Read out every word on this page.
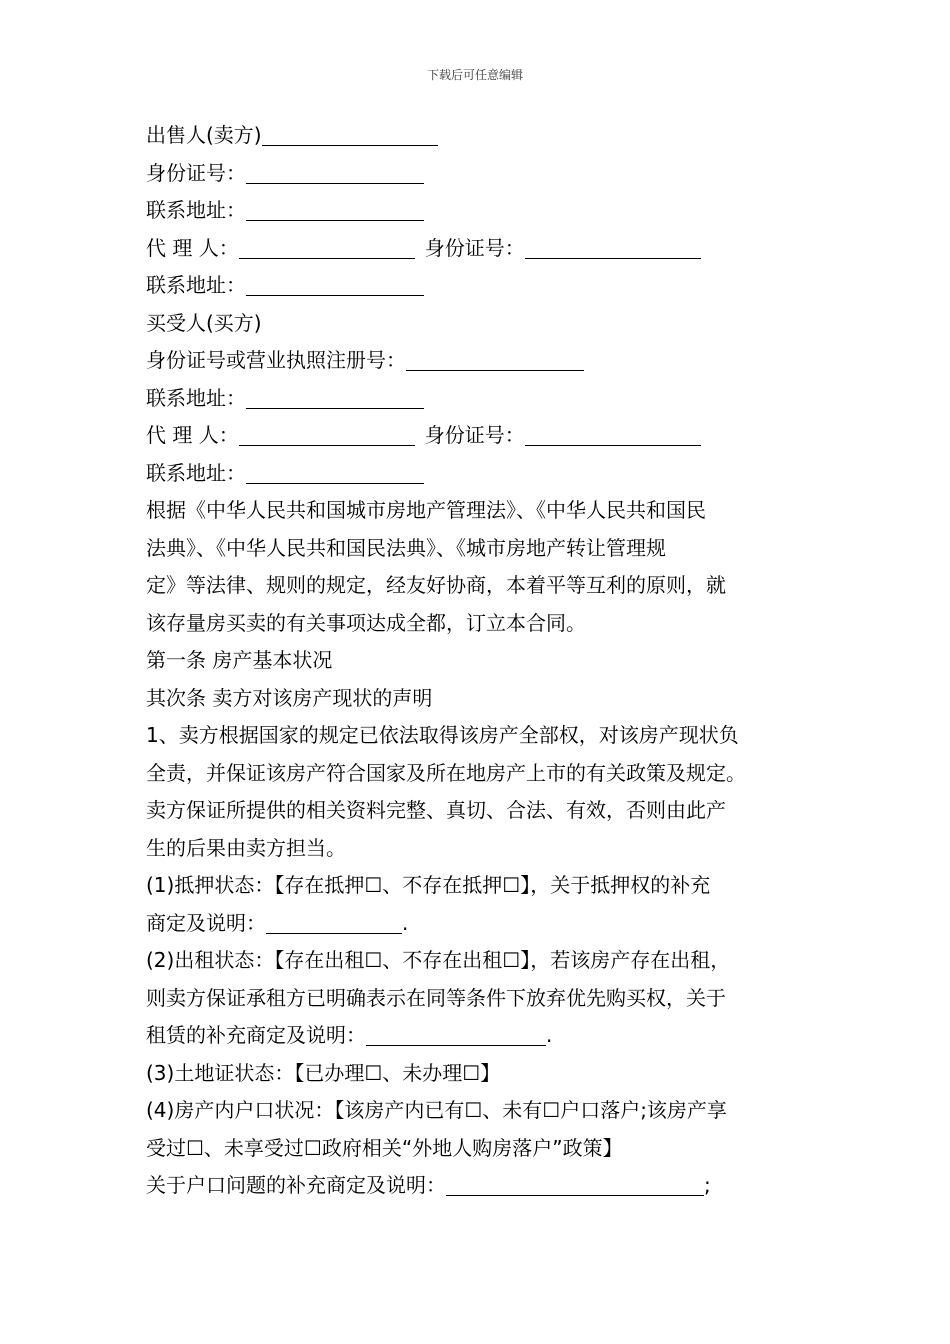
下载后可任意编辑
出售人(卖方)
身份证号：
联系地址：
代 理 人：	身份证号：
联系地址：
买受人(买方)
身份证号或营业执照注册号：
联系地址：
代 理 人：	身份证号：
联系地址：
根据《中华人民共和国城市房地产管理法》、《中华人民共和国民
法典》、《中华人民共和国民法典》、《城市房地产转让管理规
定》等法律、规则的规定，经友好协商，本着平等互利的原则，就
该存量房买卖的有关事项达成全都，订立本合同。
第一条 房产基本状况
其次条 卖方对该房产现状的声明
1、卖方根据国家的规定已依法取得该房产全部权，对该房产现状负
全责，并保证该房产符合国家及所在地房产上市的有关政策及规定。
卖方保证所提供的相关资料完整、真切、合法、有效，否则由此产
生的后果由卖方担当。
(1)抵押状态：【存在抵押☐、不存在抵押☐】，关于抵押权的补充
商定及说明：	.
(2)出租状态：【存在出租☐、不存在出租☐】，若该房产存在出租，
则卖方保证承租方已明确表示在同等条件下放弃优先购买权，关于
租赁的补充商定及说明：	.
(3)土地证状态：【已办理☐、未办理☐】
(4)房产内户口状况：【该房产内已有☐、未有☐户口落户;该房产享
受过☐、未享受过☐政府相关“外地人购房落户”政策】
关于户口问题的补充商定及说明：	;
